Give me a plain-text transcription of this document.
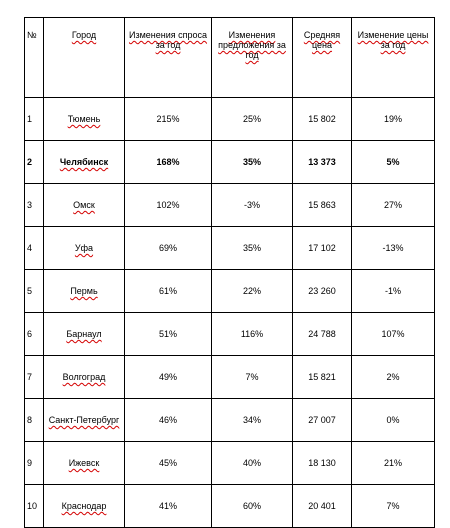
№	Город	Изменения спроса за год	Изменения предложения за год	Средняя цена	Изменение цены за год
1	Тюмень	215%	25%	15 802	19%
2	Челябинск	168%	35%	13 373	5%
3	Омск	102%	-3%	15 863	27%
4	Уфа	69%	35%	17 102	-13%
5	Пермь	61%	22%	23 260	-1%
6	Барнаул	51%	116%	24 788	107%
7	Волгоград	49%	7%	15 821	2%
8	Санкт-Петербург	46%	34%	27 007	0%
9	Ижевск	45%	40%	18 130	21%
10	Краснодар	41%	60%	20 401	7%
